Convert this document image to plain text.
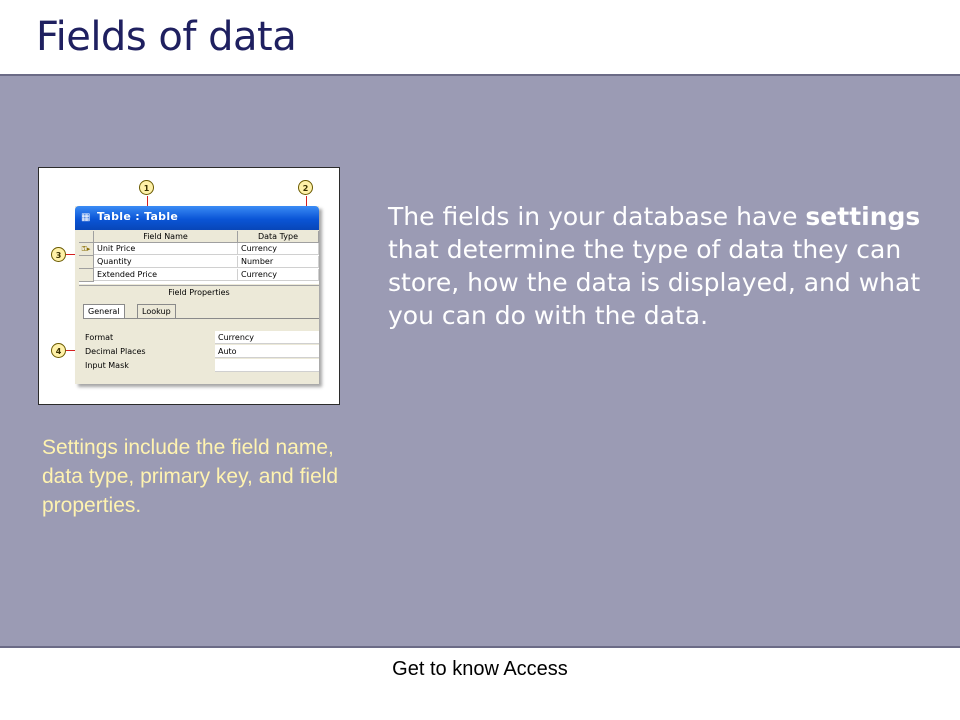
Fields of data
▦ Table : Table
Field Name	Data Type
⚿▸ Unit Price	Currency
Quantity	Number
Extended Price	Currency
Field Properties
General	Lookup
Format	Currency
Decimal Places	Auto
Input Mask
1	2
3
4

The fields in your database have settings that determine the type of data they can store, how the data is displayed, and what you can do with the data.

Settings include the field name, data type, primary key, and field properties.

Get to know Access
